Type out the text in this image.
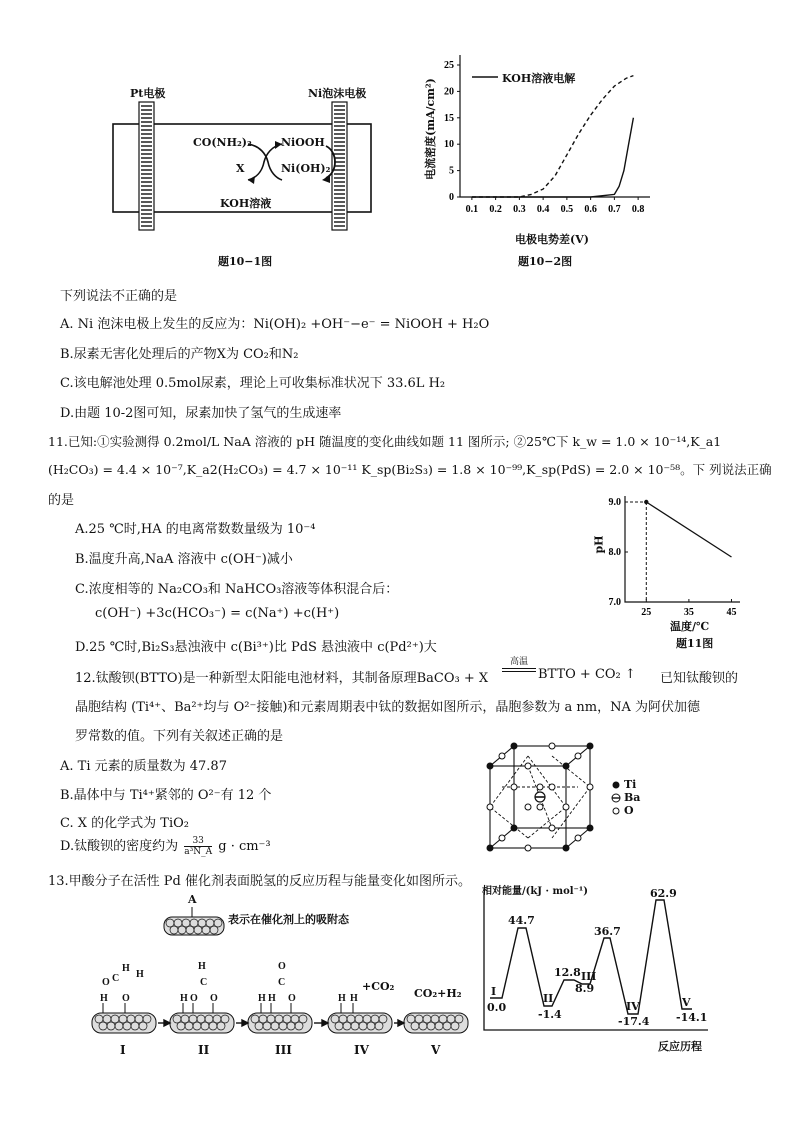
Pt电极	Ni泡沫电极
CO(NH₂)₂
X
NiOOH
Ni(OH)₂
KOH溶液
题10−1图
0.1 0.2 0.3 0.4 0.5 0.6 0.7 0.8
0
5
10
15
20
25
KOH溶液电解
电极电势差(V)
电流密度(mA/cm²)
题10−2图
下列说法不正确的是
A. Ni 泡沫电极上发生的反应为：Ni(OH)₂ +OH⁻−e⁻ = NiOOH + H₂O
B.尿素无害化处理后的产物X为 CO₂和N₂
C.该电解池处理 0.5mol尿素，理论上可收集标准状况下 33.6L H₂
D.由题 10-2图可知，尿素加快了氢气的生成速率
11.已知:①实验测得 0.2mol/L NaA 溶液的 pH 随温度的变化曲线如题 11 图所示; ②25℃下 k_w = 1.0 × 10⁻¹⁴,K_a1
(H₂CO₃) = 4.4 × 10⁻⁷,K_a2(H₂CO₃) = 4.7 × 10⁻¹¹ K_sp(Bi₂S₃) = 1.8 × 10⁻⁹⁹,K_sp(PdS) = 2.0 × 10⁻⁵⁸。下 列说法正确
的是
A.25 ℃时,HA 的电离常数数量级为 10⁻⁴
B.温度升高,NaA 溶液中 c(OH⁻)减小
C.浓度相等的 Na₂CO₃和 NaHCO₃溶液等体积混合后：
c(OH⁻) +3c(HCO₃⁻) = c(Na⁺) +c(H⁺)
D.25 ℃时,Bi₂S₃悬浊液中 c(Bi³⁺)比 PdS 悬浊液中 c(Pd²⁺)大
25	35	45
9.0
8.0
7.0
pH
温度/℃
题11图
12.钛酸钡(BTTO)是一种新型太阳能电池材料，其制备原理BaCO₃ + X
高温
BTTO + CO₂ ↑ 已知钛酸钡的
晶胞结构 (Ti⁴⁺、Ba²⁺均与 O²⁻接触)和元素周期表中钛的数据如图所示，晶胞参数为 a nm，NA 为阿伏加德
罗常数的值。下列有关叙述正确的是
A. Ti 元素的质量数为 47.87
B.晶体中与 Ti⁴⁺紧邻的 O²⁻有 12 个
C. X 的化学式为 TiO₂
D.钛酸钡的密度约为 $\frac{33}{\text{a³N\_A}}$ g · cm⁻³
Ti
Ba
O
13.甲酸分子在活性 Pd 催化剂表面脱氢的反应历程与能量变化如图所示。
A
表示在催化剂上的吸附态
H O
C
H
O
H
H
C
H O O
O
C
H H O	H H
+CO₂
CO₂+H₂
I	II	III	IV	V
相对能量/(kJ · mol⁻¹)
反应历程
0.0
44.7
-1.4
12.8
8.9
36.7
-17.4
62.9
-14.1
I
II
III
IV	V
